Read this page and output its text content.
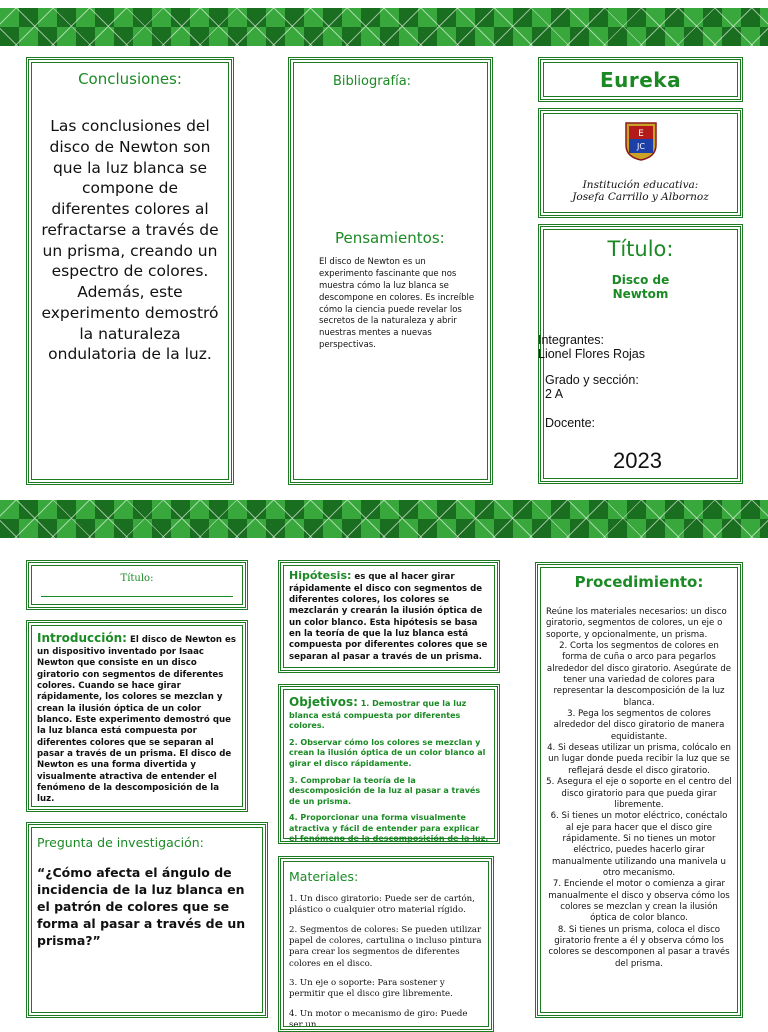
Conclusiones:
Las conclusiones del disco de Newton son que la luz blanca se compone de diferentes colores al refractarse a través de un prisma, creando un espectro de colores. Además, este experimento demostró la naturaleza ondulatoria de la luz.
Bibliografía:
Pensamientos:
El disco de Newton es un experimento fascinante que nos muestra cómo la luz blanca se descompone en colores. Es increíble cómo la ciencia puede revelar los secretos de la naturaleza y abrir nuestras mentes a nuevas perspectivas.
Eureka
E
JC
Institución educativa:
Josefa Carrillo y Albornoz
Título:
Disco de
Newtom
Integrantes:
Lionel Flores Rojas
Grado y sección:
2 A
Docente:
2023
Título:
Introducción: El disco de Newton es un dispositivo inventado por Isaac Newton que consiste en un disco giratorio con segmentos de diferentes colores. Cuando se hace girar rápidamente, los colores se mezclan y crean la ilusión óptica de un color blanco. Este experimento demostró que la luz blanca está compuesta por diferentes colores que se separan al pasar a través de un prisma. El disco de Newton es una forma divertida y visualmente atractiva de entender el fenómeno de la descomposición de la luz.
Pregunta de investigación:
“¿Cómo afecta el ángulo de incidencia de la luz blanca en el patrón de colores que se forma al pasar a través de un prisma?”
Hipótesis: es que al hacer girar rápidamente el disco con segmentos de diferentes colores, los colores se mezclarán y crearán la ilusión óptica de un color blanco. Esta hipótesis se basa en la teoría de que la luz blanca está compuesta por diferentes colores que se separan al pasar a través de un prisma.
Objetivos: 1. Demostrar que la luz blanca está compuesta por diferentes colores.
2. Observar cómo los colores se mezclan y crean la ilusión óptica de un color blanco al girar el disco rápidamente.
3. Comprobar la teoría de la descomposición de la luz al pasar a través de un prisma.
4. Proporcionar una forma visualmente atractiva y fácil de entender para explicar el fenómeno de la descomposición de la luz.
Materiales:
1. Un disco giratorio: Puede ser de cartón, plástico o cualquier otro material rígido.
2. Segmentos de colores: Se pueden utilizar papel de colores, cartulina o incluso pintura para crear los segmentos de diferentes colores en el disco.
3. Un eje o soporte: Para sostener y permitir que el disco gire libremente.
4. Un motor o mecanismo de giro: Puede ser un
Procedimiento:
Reúne los materiales necesarios: un disco giratorio, segmentos de colores, un eje o soporte, y opcionalmente, un prisma.
2. Corta los segmentos de colores en forma de cuña o arco para pegarlos alrededor del disco giratorio. Asegúrate de tener una variedad de colores para representar la descomposición de la luz blanca.
3. Pega los segmentos de colores alrededor del disco giratorio de manera equidistante.
4. Si deseas utilizar un prisma, colócalo en un lugar donde pueda recibir la luz que se reflejará desde el disco giratorio.
5. Asegura el eje o soporte en el centro del disco giratorio para que pueda girar libremente.
6. Si tienes un motor eléctrico, conéctalo al eje para hacer que el disco gire rápidamente. Si no tienes un motor eléctrico, puedes hacerlo girar manualmente utilizando una manivela u otro mecanismo.
7. Enciende el motor o comienza a girar manualmente el disco y observa cómo los colores se mezclan y crean la ilusión óptica de color blanco.
8. Si tienes un prisma, coloca el disco giratorio frente a él y observa cómo los colores se descomponen al pasar a través del prisma.
